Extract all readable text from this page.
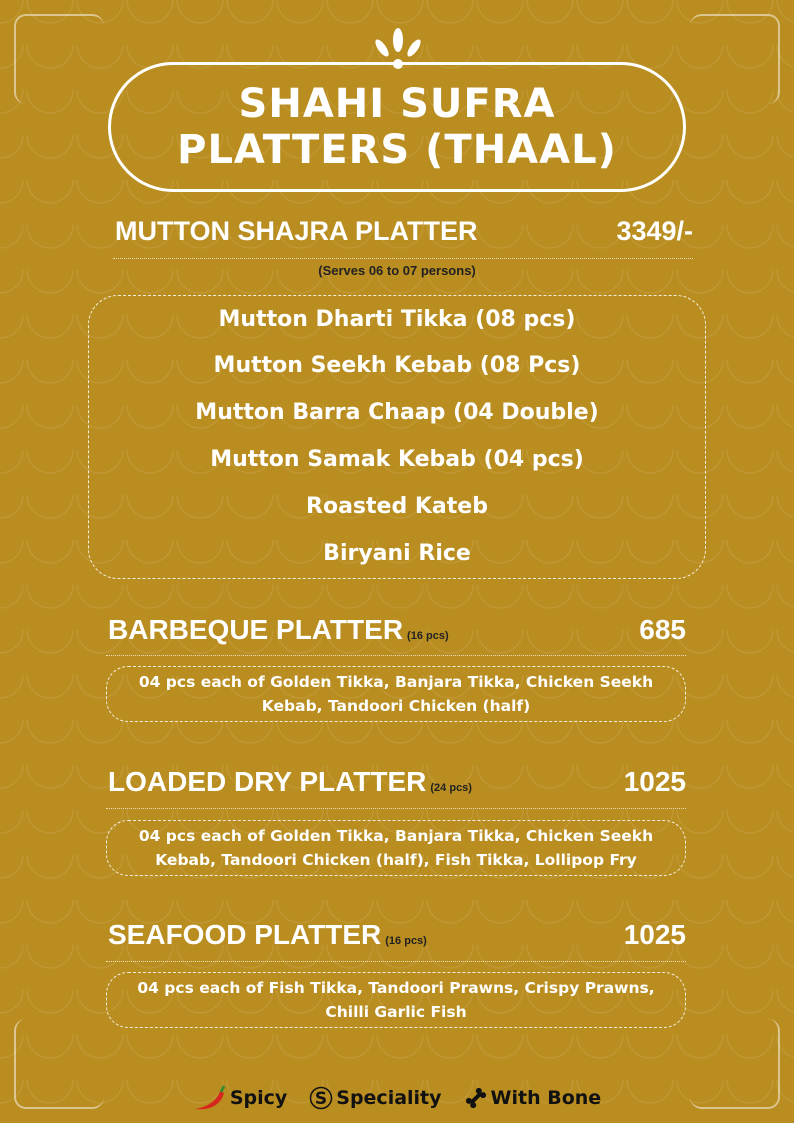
SHAHI SUFRA
PLATTERS (THAAL)
MUTTON SHAJRA PLATTER	3349/-
(Serves 06 to 07 persons)
Mutton Dharti Tikka (08 pcs)
Mutton Seekh Kebab (08 Pcs)
Mutton Barra Chaap (04 Double)
Mutton Samak Kebab (04 pcs)
Roasted Kateb
Biryani Rice
BARBEQUE PLATTER (16 pcs)	685
04 pcs each of Golden Tikka, Banjara Tikka, Chicken Seekh
Kebab, Tandoori Chicken (half)
LOADED DRY PLATTER (24 pcs)	1025
04 pcs each of Golden Tikka, Banjara Tikka, Chicken Seekh
Kebab, Tandoori Chicken (half), Fish Tikka, Lollipop Fry
SEAFOOD PLATTER (16 pcs)	1025
04 pcs each of Fish Tikka, Tandoori Prawns, Crispy Prawns,
Chilli Garlic Fish
Spicy S Speciality	With Bone
